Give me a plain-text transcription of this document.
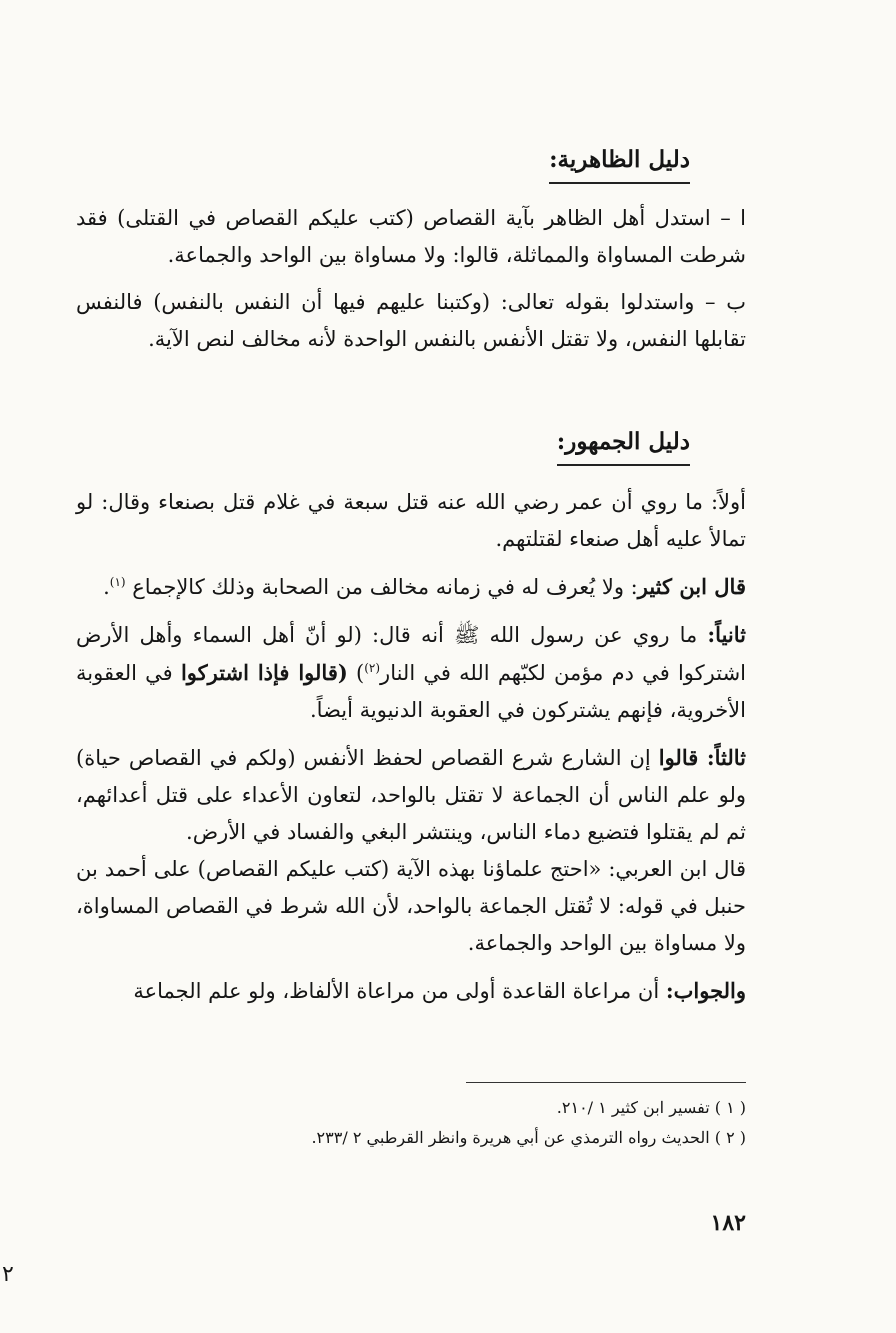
دليل الظاهرية:

ا – استدل أهل الظاهر بآية القصاص (كتب عليكم القصاص في القتلى) فقد شرطت المساواة والمماثلة، قالوا: ولا مساواة بين الواحد والجماعة.

ب – واستدلوا بقوله تعالى: (وكتبنا عليهم فيها أن النفس بالنفس) فالنفس تقابلها النفس، ولا تقتل الأنفس بالنفس الواحدة لأنه مخالف لنص الآية.

دليل الجمهور:

أولاً: ما روي أن عمر رضي الله عنه قتل سبعة في غلام قتل بصنعاء وقال: لو تمالأ عليه أهل صنعاء لقتلتهم.

قال ابن كثير: ولا يُعرف له في زمانه مخالف من الصحابة وذلك كالإجماع $^{(١)}$.

ثانياً: ما روي عن رسول الله ﷺ أنه قال: (لو أنّ أهل السماء وأهل الأرض اشتركوا في دم مؤمن لكبّهم الله في النار$^{(٢)}$) (قالوا فإذا اشتركوا في العقوبة الأخروية، فإنهم يشتركون في العقوبة الدنيوية أيضاً.

ثالثاً: قالوا إن الشارع شرع القصاص لحفظ الأنفس (ولكم في القصاص حياة) ولو علم الناس أن الجماعة لا تقتل بالواحد، لتعاون الأعداء على قتل أعدائهم، ثم لم يقتلوا فتضيع دماء الناس، وينتشر البغي والفساد في الأرض.

قال ابن العربي: «احتج علماؤنا بهذه الآية (كتب عليكم القصاص) على أحمد بن حنبل في قوله: لا تُقتل الجماعة بالواحد، لأن الله شرط في القصاص المساواة، ولا مساواة بين الواحد والجماعة.

والجواب: أن مراعاة القاعدة أولى من مراعاة الألفاظ، ولو علم الجماعة

( ١ ) تفسير ابن كثير ١ /٢١٠.
( ٢ ) الحديث رواه الترمذي عن أبي هريرة وانظر القرطبي ٢ /٢٣٣.
١٨٢
٢
